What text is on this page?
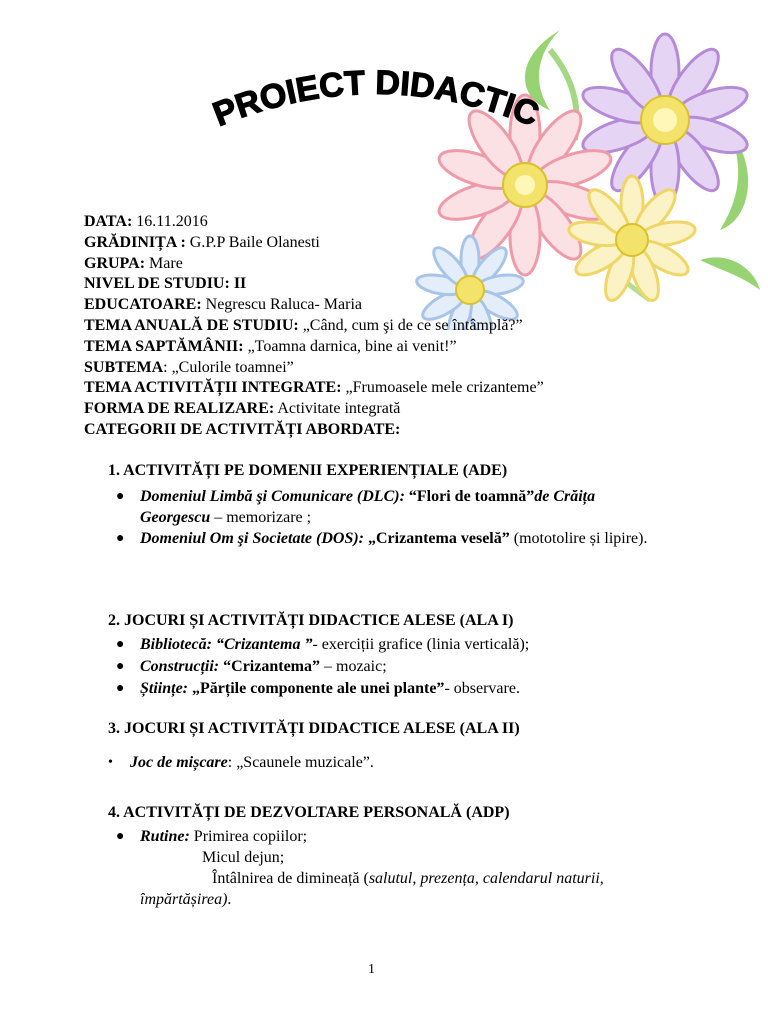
PROIECT DIDACTIC
DATA: 16.11.2016
GRĂDINIȚA : G.P.P Baile Olanesti
GRUPA: Mare
NIVEL DE STUDIU: II
EDUCATOARE: Negrescu Raluca- Maria
TEMA ANUALĂ DE STUDIU: „Când, cum şi de ce se întâmplă?”
TEMA SAPTĂMÂNII: „Toamna darnica, bine ai venit!”
SUBTEMA: „Culorile toamnei”
TEMA ACTIVITĂȚII INTEGRATE: „Frumoasele mele crizanteme”
FORMA DE REALIZARE: Activitate integrată
CATEGORII DE ACTIVITĂȚI ABORDATE:
1. ACTIVITĂȚI PE DOMENII EXPERIENȚIALE (ADE)
● Domeniul Limbă şi Comunicare (DLC): “Flori de toamnă”de Crăița Georgescu – memorizare ;
● Domeniul Om şi Societate (DOS): „Crizantema veselă” (mototolire și lipire).
2. JOCURI ȘI ACTIVITĂȚI DIDACTICE ALESE (ALA I)
● Bibliotecă: “Crizantema ”- exerciții grafice (linia verticală);
● Construcții: “Crizantema” – mozaic;
● Științe: „Părțile componente ale unei plante”- observare.
3. JOCURI ȘI ACTIVITĂȚI DIDACTICE ALESE (ALA II)
• Joc de mișcare: „Scaunele muzicale”.
4. ACTIVITĂȚI DE DEZVOLTARE PERSONALĂ (ADP)
● Rutine: Primirea copiilor;
Micul dejun;
Întâlnirea de dimineață (salutul, prezența, calendarul naturii, împărtășirea).
1
